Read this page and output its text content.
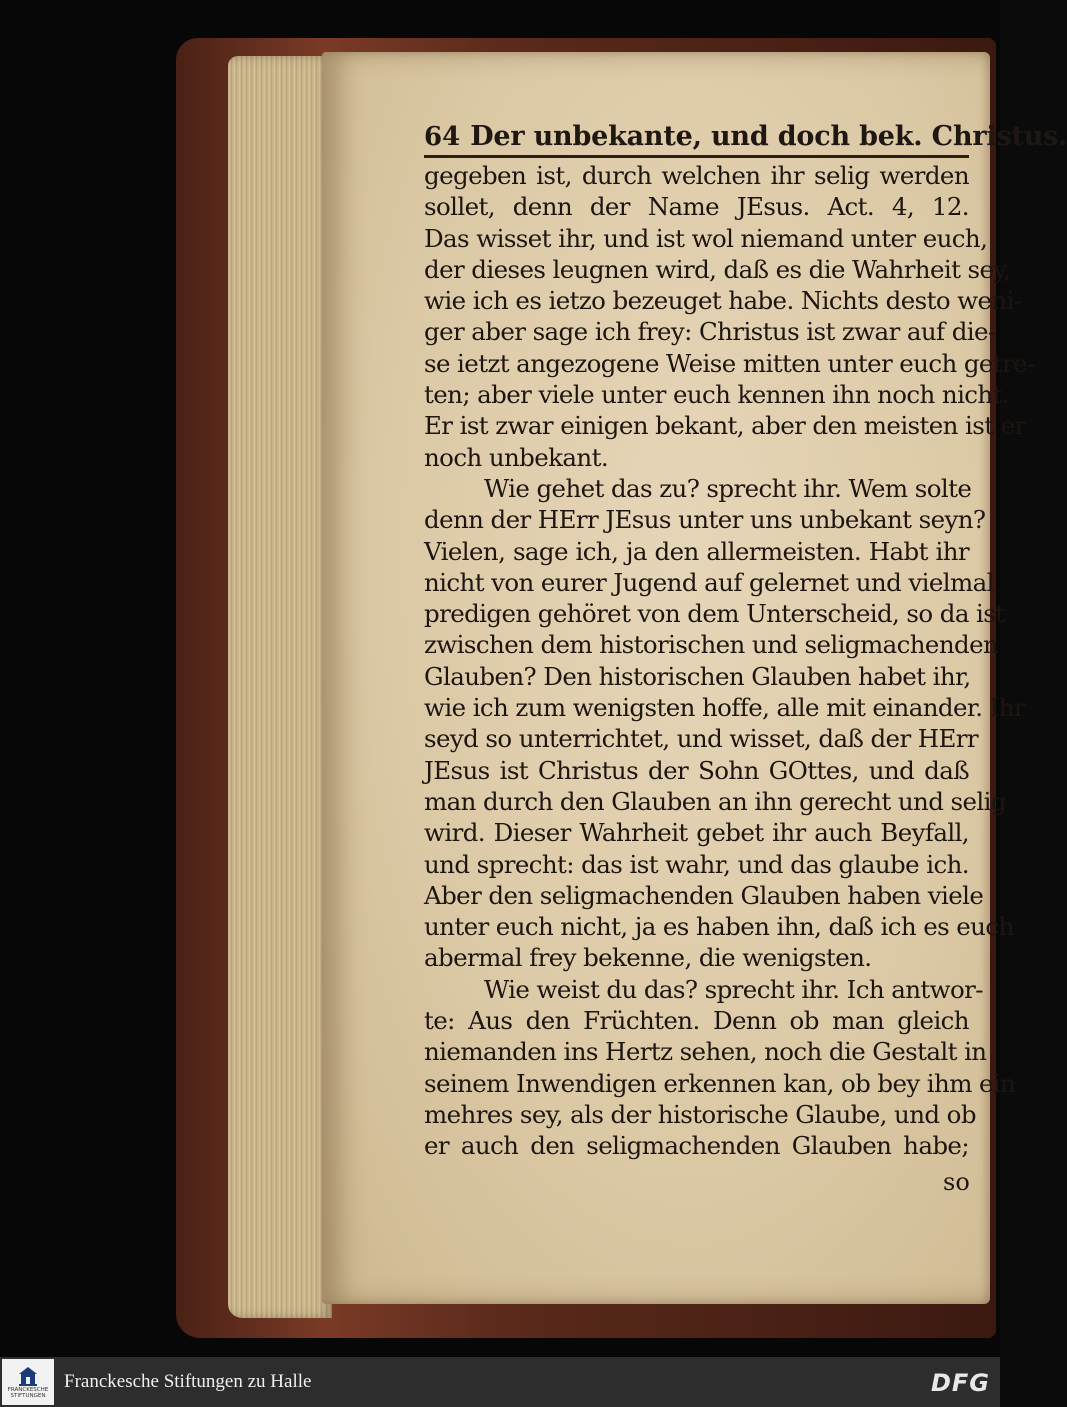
64 Der unbekante, und doch bek. Christus.
gegeben ist, durch welchen ihr selig werden
sollet, denn der Name JEsus. Act. 4, 12.
Das wisset ihr, und ist wol niemand unter euch,
der dieses leugnen wird, daß es die Wahrheit sey,
wie ich es ietzo bezeuget habe. Nichts desto weni-
ger aber sage ich frey: Christus ist zwar auf die-
se ietzt angezogene Weise mitten unter euch getre-
ten; aber viele unter euch kennen ihn noch nicht.
Er ist zwar einigen bekant, aber den meisten ist er
noch unbekant.
Wie gehet das zu? sprecht ihr. Wem solte
denn der HErr JEsus unter uns unbekant seyn?
Vielen, sage ich, ja den allermeisten. Habt ihr
nicht von eurer Jugend auf gelernet und vielmal
predigen gehöret von dem Unterscheid, so da ist
zwischen dem historischen und seligmachenden
Glauben? Den historischen Glauben habet ihr,
wie ich zum wenigsten hoffe, alle mit einander. Ihr
seyd so unterrichtet, und wisset, daß der HErr
JEsus ist Christus der Sohn GOttes, und daß
man durch den Glauben an ihn gerecht und selig
wird. Dieser Wahrheit gebet ihr auch Beyfall,
und sprecht: das ist wahr, und das glaube ich.
Aber den seligmachenden Glauben haben viele
unter euch nicht, ja es haben ihn, daß ich es euch
abermal frey bekenne, die wenigsten.
Wie weist du das? sprecht ihr. Ich antwor-
te: Aus den Früchten. Denn ob man gleich
niemanden ins Hertz sehen, noch die Gestalt in
seinem Inwendigen erkennen kan, ob bey ihm ein
mehres sey, als der historische Glaube, und ob
er auch den seligmachenden Glauben habe;
so
FRANCKESCHE
STIFTUNGEN
Franckesche Stiftungen zu Halle	DFG
